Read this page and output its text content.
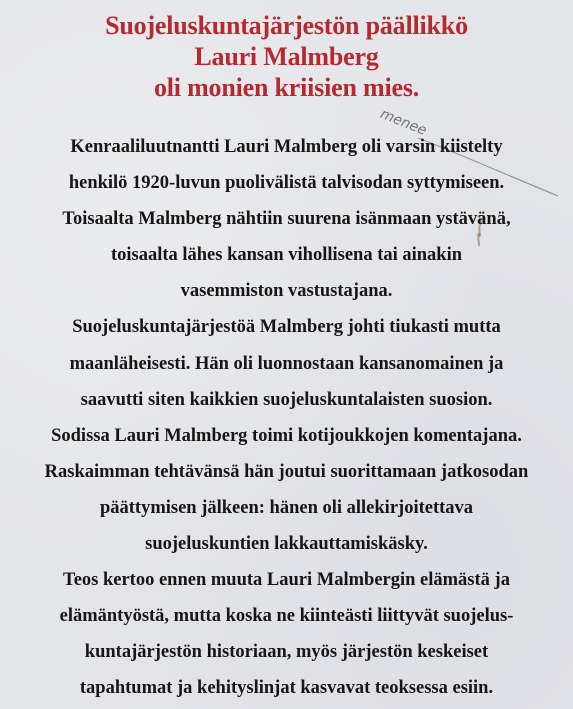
Suojeluskuntajärjestön päällikkö
Lauri Malmberg
oli monien kriisien mies.
menee
Kenraaliluutnantti Lauri Malmberg oli varsin kiistelty
henkilö 1920-luvun puolivälistä talvisodan syttymiseen.
Toisaalta Malmberg nähtiin suurena isänmaan ystävänä,
toisaalta lähes kansan vihollisena tai ainakin
vasemmiston vastustajana.
Suojeluskuntajärjestöä Malmberg johti tiukasti mutta
maanläheisesti. Hän oli luonnostaan kansanomainen ja
saavutti siten kaikkien suojeluskuntalaisten suosion.
Sodissa Lauri Malmberg toimi kotijoukkojen komentajana.
Raskaimman tehtävänsä hän joutui suorittamaan jatkosodan
päättymisen jälkeen: hänen oli allekirjoitettava
suojeluskuntien lakkauttamiskäsky.
Teos kertoo ennen muuta Lauri Malmbergin elämästä ja
elämäntyöstä, mutta koska ne kiinteästi liittyvät suojelus-
kuntajärjestön historiaan, myös järjestön keskeiset
tapahtumat ja kehityslinjat kasvavat teoksessa esiin.
